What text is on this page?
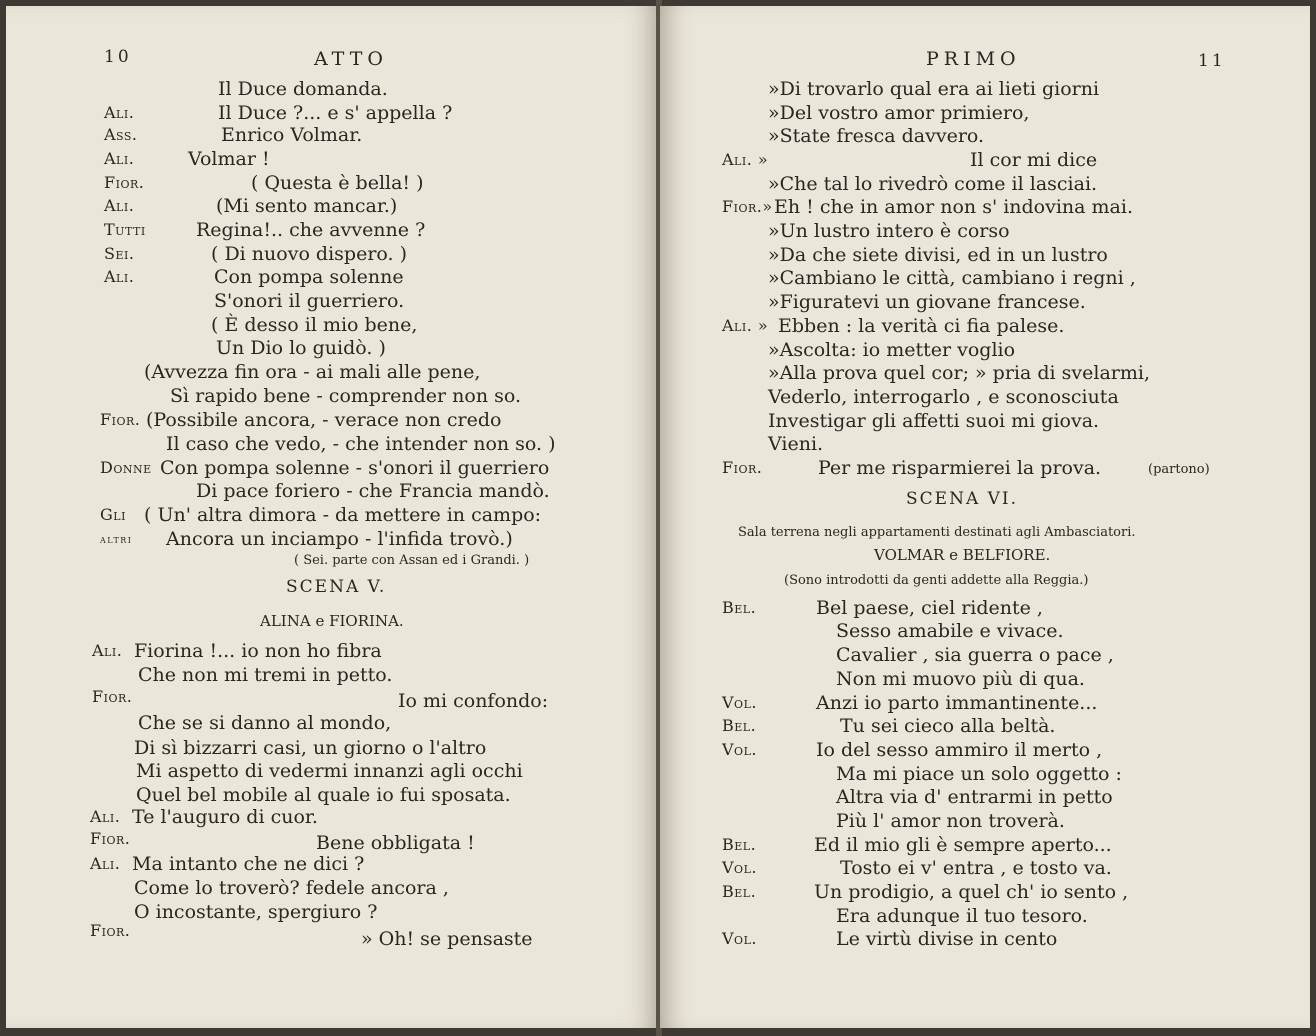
10	ATTO
Il Duce domanda.
Ali.	Il Duce ?... e s' appella ?
Ass.	Enrico Volmar.
Ali.	Volmar !
Fior.	( Questa è bella! )
Ali.	(Mi sento mancar.)
Tutti	Regina!.. che avvenne ?
Sei.	( Di nuovo dispero. )
Ali.	Con pompa solenne
S'onori il guerriero.
( È desso il mio bene,
Un Dio lo guidò. )
(Avvezza fin ora - ai mali alle pene,
Sì rapido bene - comprender non so.
Fior. (Possibile ancora, - verace non credo
Il caso che vedo, - che intender non so. )
Donne Con pompa solenne - s'onori il guerriero
Di pace foriero - che Francia mandò.
Gli ( Un' altra dimora - da mettere in campo:
altri Ancora un inciampo - l'infida trovò.)
( Sei. parte con Assan ed i Grandi. )
SCENA V.
ALINA e FIORINA.
Ali. Fiorina !... io non ho fibra
Che non mi tremi in petto.
Fior.	Io mi confondo:
Che se si danno al mondo,
Di sì bizzarri casi, un giorno o l'altro
Mi aspetto di vedermi innanzi agli occhi
Quel bel mobile al quale io fui sposata.
Ali. Te l'auguro di cuor.
Fior.	Bene obbligata !
Ali. Ma intanto che ne dici ?
Come lo troverò? fedele ancora ,
O incostante, spergiuro ?
Fior.	» Oh! se pensaste
PRIMO	11
»Di trovarlo qual era ai lieti giorni
»Del vostro amor primiero,
»State fresca davvero.
Ali. »	Il cor mi dice
»Che tal lo rivedrò come il lasciai.
Fior.» Eh ! che in amor non s' indovina mai.
»Un lustro intero è corso
»Da che siete divisi, ed in un lustro
»Cambiano le città, cambiano i regni ,
»Figuratevi un giovane francese.
Ali. » Ebben : la verità ci fia palese.
»Ascolta: io metter voglio
»Alla prova quel cor; » pria di svelarmi,
Vederlo, interrogarlo , e sconosciuta
Investigar gli affetti suoi mi giova.
Vieni.
Fior.	Per me risparmierei la prova.	(partono)
SCENA VI.
Sala terrena negli appartamenti destinati agli Ambasciatori.
VOLMAR e BELFIORE.
(Sono introdotti da genti addette alla Reggia.)
Bel.	Bel paese, ciel ridente ,
Sesso amabile e vivace.
Cavalier , sia guerra o pace ,
Non mi muovo più di qua.
Vol.	Anzi io parto immantinente...
Bel.	Tu sei cieco alla beltà.
Vol.	Io del sesso ammiro il merto ,
Ma mi piace un solo oggetto :
Altra via d' entrarmi in petto
Più l' amor non troverà.
Bel.	Ed il mio gli è sempre aperto...
Vol.	Tosto ei v' entra , e tosto va.
Bel.	Un prodigio, a quel ch' io sento ,
Era adunque il tuo tesoro.
Vol.	Le virtù divise in cento
